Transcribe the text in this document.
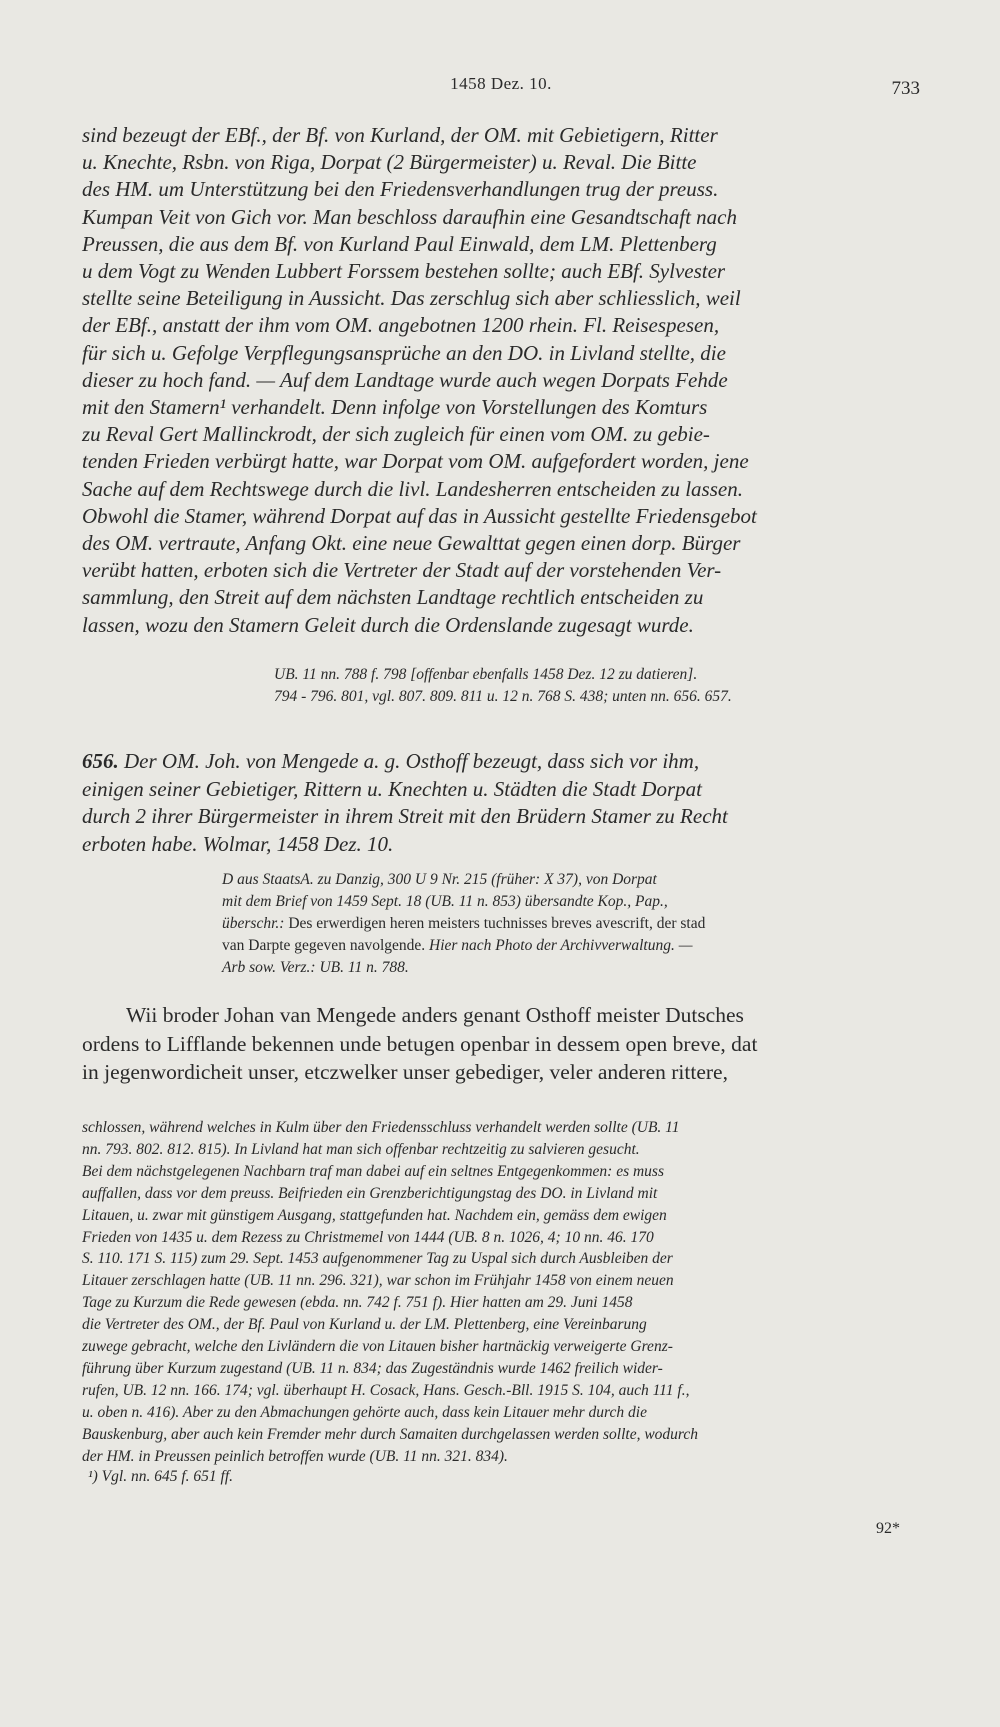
1458 Dez. 10.	733
sind bezeugt der EBf., der Bf. von Kurland, der OM. mit Gebietigern, Ritter
u. Knechte, Rsbn. von Riga, Dorpat (2 Bürgermeister) u. Reval. Die Bitte
des HM. um Unterstützung bei den Friedensverhandlungen trug der preuss.
Kumpan Veit von Gich vor. Man beschloss daraufhin eine Gesandtschaft nach
Preussen, die aus dem Bf. von Kurland Paul Einwald, dem LM. Plettenberg
u dem Vogt zu Wenden Lubbert Forssem bestehen sollte; auch EBf. Sylvester
stellte seine Beteiligung in Aussicht. Das zerschlug sich aber schliesslich, weil
der EBf., anstatt der ihm vom OM. angebotnen 1200 rhein. Fl. Reisespesen,
für sich u. Gefolge Verpflegungsansprüche an den DO. in Livland stellte, die
dieser zu hoch fand. — Auf dem Landtage wurde auch wegen Dorpats Fehde
mit den Stamern¹ verhandelt. Denn infolge von Vorstellungen des Komturs
zu Reval Gert Mallinckrodt, der sich zugleich für einen vom OM. zu gebie-
tenden Frieden verbürgt hatte, war Dorpat vom OM. aufgefordert worden, jene
Sache auf dem Rechtswege durch die livl. Landesherren entscheiden zu lassen.
Obwohl die Stamer, während Dorpat auf das in Aussicht gestellte Friedensgebot
des OM. vertraute, Anfang Okt. eine neue Gewalttat gegen einen dorp. Bürger
verübt hatten, erboten sich die Vertreter der Stadt auf der vorstehenden Ver-
sammlung, den Streit auf dem nächsten Landtage rechtlich entscheiden zu
lassen, wozu den Stamern Geleit durch die Ordenslande zugesagt wurde.
UB. 11 nn. 788 f. 798 [offenbar ebenfalls 1458 Dez. 12 zu datieren].
794 - 796. 801, vgl. 807. 809. 811 u. 12 n. 768 S. 438; unten nn. 656. 657.
656. Der OM. Joh. von Mengede a. g. Osthoff bezeugt, dass sich vor ihm,
einigen seiner Gebietiger, Rittern u. Knechten u. Städten die Stadt Dorpat
durch 2 ihrer Bürgermeister in ihrem Streit mit den Brüdern Stamer zu Recht
erboten habe. Wolmar, 1458 Dez. 10.
D aus StaatsA. zu Danzig, 300 U 9 Nr. 215 (früher: X 37), von Dorpat
mit dem Brief von 1459 Sept. 18 (UB. 11 n. 853) übersandte Kop., Pap.,
überschr.: Des erwerdigen heren meisters tuchnisses breves avescrift, der stad
van Darpte gegeven navolgende. Hier nach Photo der Archivverwaltung. —
Arb sow. Verz.: UB. 11 n. 788.
Wii broder Johan van Mengede anders genant Osthoff meister Dutsches
ordens to Lifflande bekennen unde betugen openbar in dessem open breve, dat
in jegenwordicheit unser, etczwelker unser gebediger, veler anderen rittere,
schlossen, während welches in Kulm über den Friedensschluss verhandelt werden sollte (UB. 11
nn. 793. 802. 812. 815). In Livland hat man sich offenbar rechtzeitig zu salvieren gesucht.
Bei dem nächstgelegenen Nachbarn traf man dabei auf ein seltnes Entgegenkommen: es muss
auffallen, dass vor dem preuss. Beifrieden ein Grenzberichtigungstag des DO. in Livland mit
Litauen, u. zwar mit günstigem Ausgang, stattgefunden hat. Nachdem ein, gemäss dem ewigen
Frieden von 1435 u. dem Rezess zu Christmemel von 1444 (UB. 8 n. 1026, 4; 10 nn. 46. 170
S. 110. 171 S. 115) zum 29. Sept. 1453 aufgenommener Tag zu Uspal sich durch Ausbleiben der
Litauer zerschlagen hatte (UB. 11 nn. 296. 321), war schon im Frühjahr 1458 von einem neuen
Tage zu Kurzum die Rede gewesen (ebda. nn. 742 f. 751 f). Hier hatten am 29. Juni 1458
die Vertreter des OM., der Bf. Paul von Kurland u. der LM. Plettenberg, eine Vereinbarung
zuwege gebracht, welche den Livländern die von Litauen bisher hartnäckig verweigerte Grenz-
führung über Kurzum zugestand (UB. 11 n. 834; das Zugeständnis wurde 1462 freilich wider-
rufen, UB. 12 nn. 166. 174; vgl. überhaupt H. Cosack, Hans. Gesch.-Bll. 1915 S. 104, auch 111 f.,
u. oben n. 416). Aber zu den Abmachungen gehörte auch, dass kein Litauer mehr durch die
Bauskenburg, aber auch kein Fremder mehr durch Samaiten durchgelassen werden sollte, wodurch
der HM. in Preussen peinlich betroffen wurde (UB. 11 nn. 321. 834).
¹) Vgl. nn. 645 f. 651 ff.
92*
